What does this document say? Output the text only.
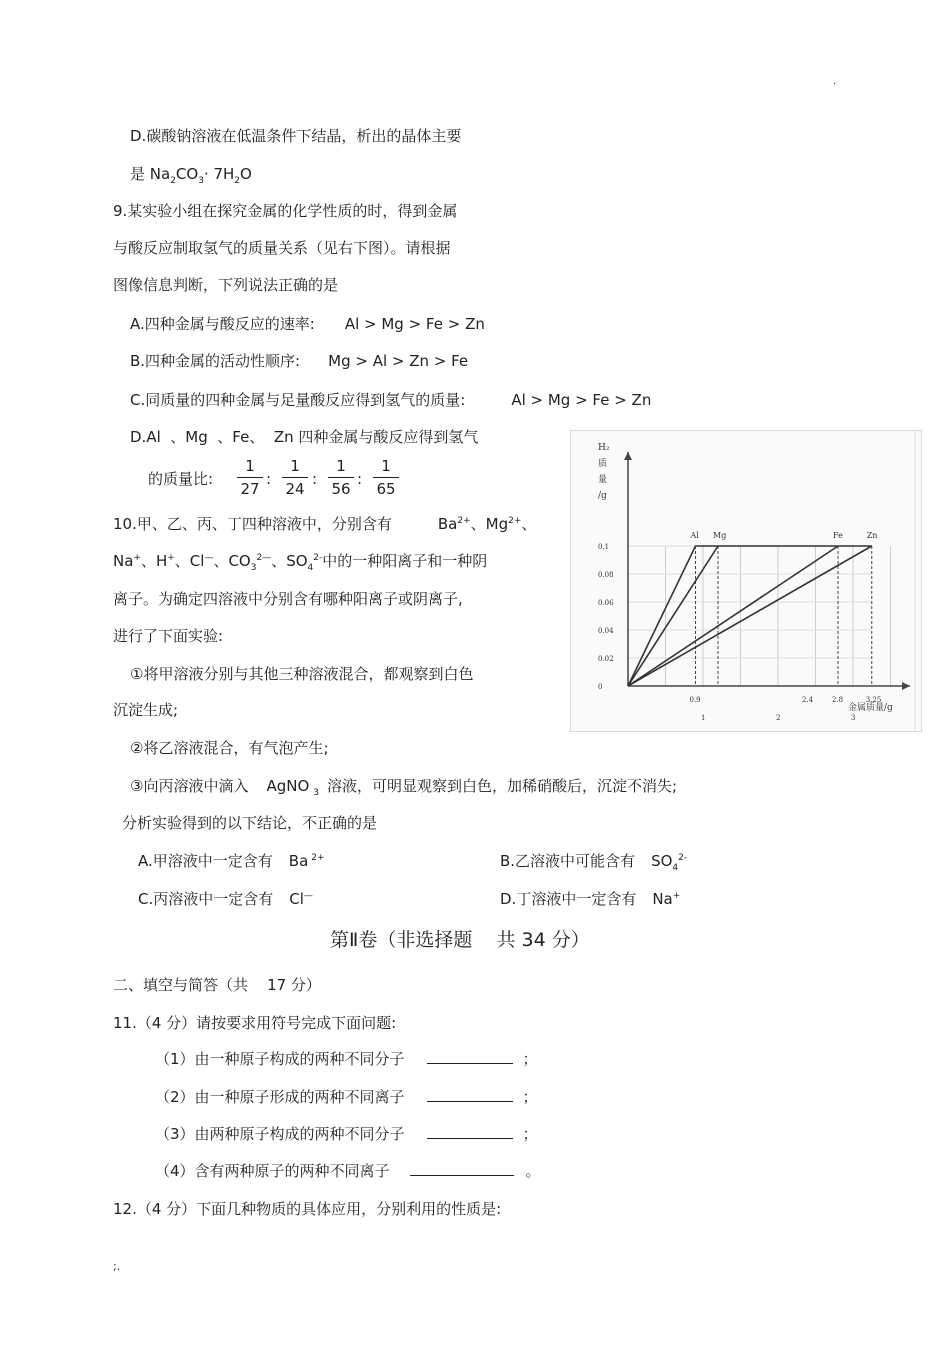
.
D.碳酸钠溶液在低温条件下结晶，析出的晶体主要
是 $Na_2CO_3\cdot 7H_2O$
9.某实验小组在探究金属的化学性质的时，得到金属
与酸反应制取氢气的质量关系（见右下图）。请根据
图像信息判断，下列说法正确的是
A.四种金属与酸反应的速率: Al > Mg > Fe > Zn
B.四种金属的活动性顺序: Mg > Al > Zn > Fe
C.同质量的四种金属与足量酸反应得到氢气的质量:	Al > Mg > Fe > Zn
D.Al  、Mg  、Fe、  Zn 四种金属与酸反应得到氢气
的质量比:
1
27
:
1
24
:
1
56
:
1
65
Al Mg	Fe	Zn
0.1
0.08
0.06
0.04
0.02
0
0.9	2.4	2.8	3.25
1	2	3
H₂
质
量
/g
金属质量/g
10.甲、乙、丙、丁四种溶液中，分别含有	$Ba^{2+}$、$Mg^{2+}$、
Na+、H+、Cl—、$CO_3^{2—}$、$SO_4^{2-}$中的一种阳离子和一种阴
离子。为确定四溶液中分别含有哪种阳离子或阴离子,
进行了下面实验:
①将甲溶液分别与其他三种溶液混合，都观察到白色
沉淀生成;
②将乙溶液混合，有气泡产生;
③向丙溶液中滴入 AgNO $_3$ 溶液，可明显观察到白色，加稀硝酸后，沉淀不消失;
分析实验得到的以下结论，不正确的是
A.甲溶液中一定含有 Ba $^{2+}$	B.乙溶液中可能含有 $SO_4^{2-}$
C.丙溶液中一定含有 Cl—	D.丁溶液中一定含有 Na+
第Ⅱ卷（非选择题    共 34 分）
二、填空与简答（共    17 分）
11.（4 分）请按要求用符号完成下面问题:
（1）由一种原子构成的两种不同分子	；
（2）由一种原子形成的两种不同离子	；
（3）由两种原子构成的两种不同分子	；
（4）含有两种原子的两种不同离子	。
12.（4 分）下面几种物质的具体应用，分别利用的性质是:
;.
